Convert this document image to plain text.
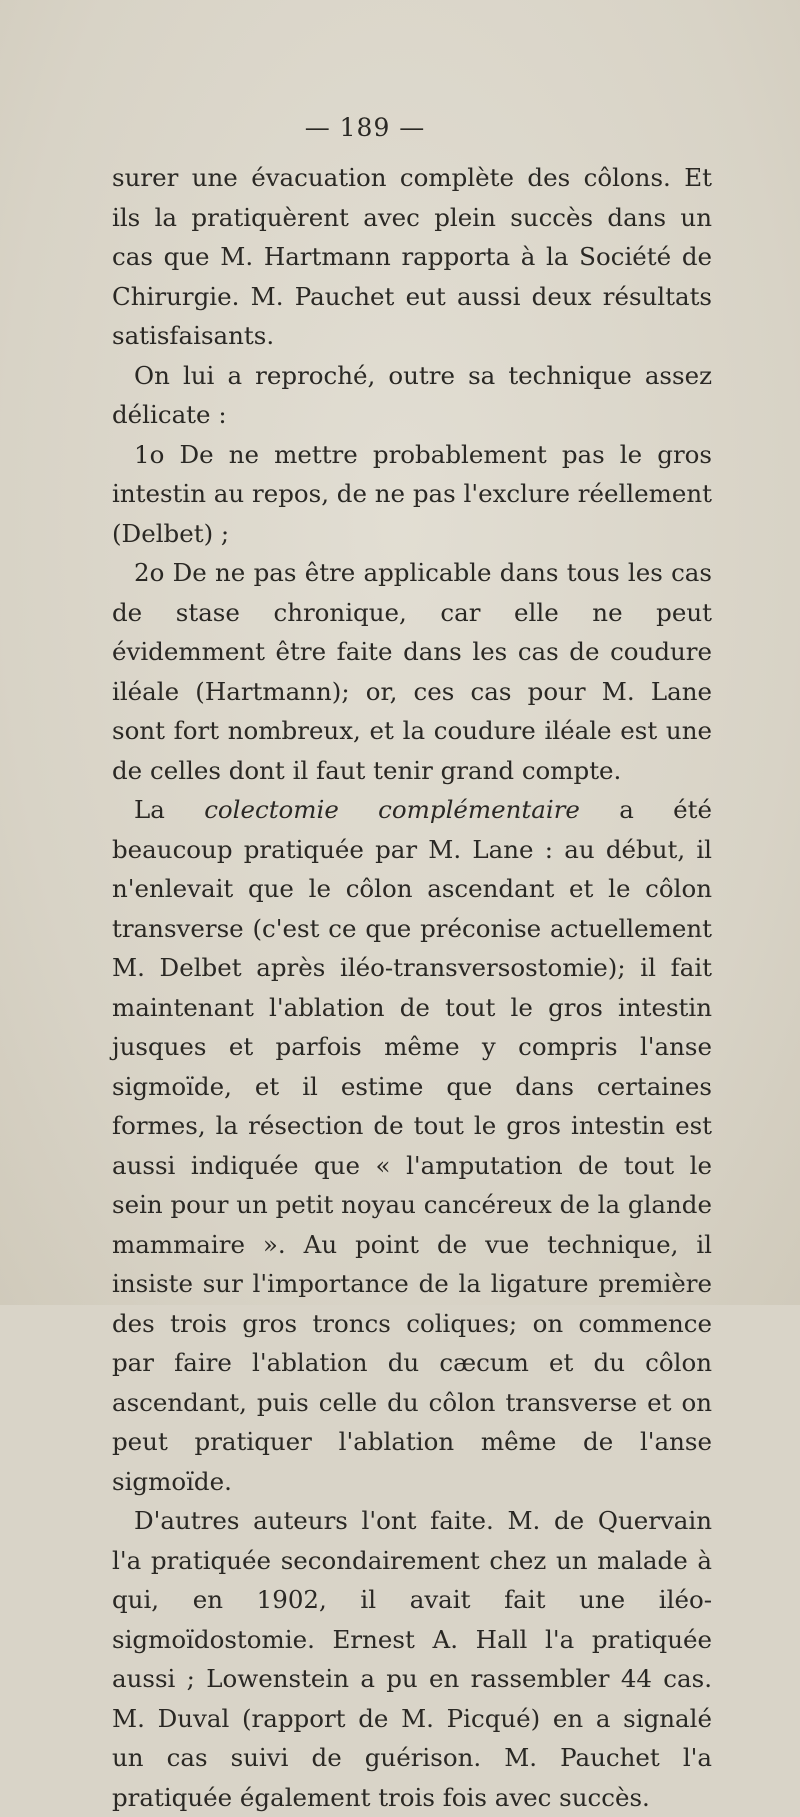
— 189 —

surer une évacuation complète des côlons. Et ils la pratiquèrent avec plein succès dans un cas que M. Hartmann rapporta à la Société de Chirurgie. M. Pauchet eut aussi deux résultats satisfaisants.

On lui a reproché, outre sa technique assez délicate :

1o De ne mettre probablement pas le gros intestin au repos, de ne pas l'exclure réellement (Delbet) ;

2o De ne pas être applicable dans tous les cas de stase chronique, car elle ne peut évidemment être faite dans les cas de coudure iléale (Hartmann); or, ces cas pour M. Lane sont fort nombreux, et la coudure iléale est une de celles dont il faut tenir grand compte.

La colectomie complémentaire a été beaucoup pratiquée par M. Lane : au début, il n'enlevait que le côlon ascendant et le côlon transverse (c'est ce que préconise actuellement M. Delbet après iléo-transversostomie); il fait maintenant l'ablation de tout le gros intestin jusques et parfois même y compris l'anse sigmoïde, et il estime que dans certaines formes, la résection de tout le gros intestin est aussi indiquée que « l'amputation de tout le sein pour un petit noyau cancéreux de la glande mammaire ». Au point de vue technique, il insiste sur l'importance de la ligature première des trois gros troncs coliques; on commence par faire l'ablation du cæcum et du côlon ascendant, puis celle du côlon transverse et on peut pratiquer l'ablation même de l'anse sigmoïde.

D'autres auteurs l'ont faite. M. de Quervain l'a pratiquée secondairement chez un malade à qui, en 1902, il avait fait une iléo-sigmoïdostomie. Ernest A. Hall l'a pratiquée aussi ; Lowenstein a pu en rassembler 44 cas. M. Duval (rapport de M. Picqué) en a signalé un cas suivi de guérison. M. Pauchet l'a pratiquée également trois fois avec succès.
